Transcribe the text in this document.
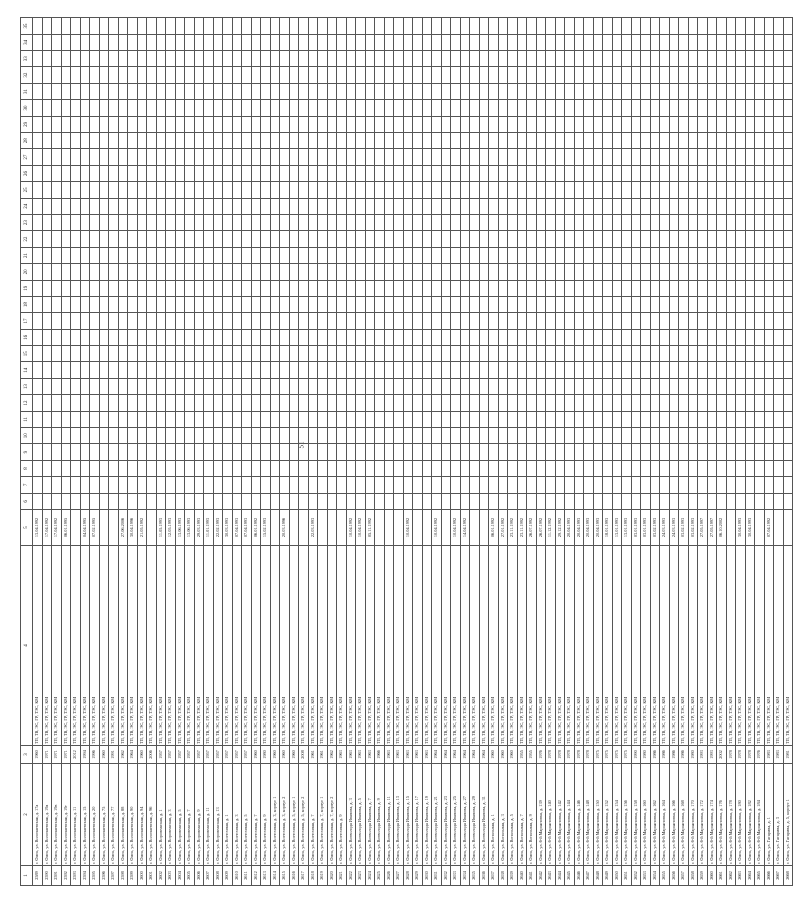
51
1	2	3	4	5	6	7	8	9	10	11	12	13	14	15	16	17	18	19	20	21	22	23	24	25	26	27	28	29	30	31	32	33	34	35
2589	г. Омск, ул. Волочаевская, д. 17а	1960	ТП, ТВ, ЭС, ГР, ТЭС, КМ	13.04.1992																														
2590	г. Омск, ул. Волочаевская, д. 19а	1971	ТП, ТВ, ЭС, ГР, ТЭС, КМ	17.04.1992																														
2591	г. Омск, ул. Волочаевская, д. 19в	1971	ТП, ТВ, ЭС, ГР, ТЭС, КМ	17.04.1992																														
2592	г. Омск, ул. Волочаевская, д. 19г	1971	ТП, ТВ, ЭС, ГР, ТЭС, КМ	06.01.1995																														
2593	г. Омск, ул. Волочаевская, д. 11	2012	ТП, ТВ, ЭС, ГР, ТЭС, КМ																															
2594	г. Омск, ул. Волочаевская, д. 15	1994	ТП, ТВ, ЭС, ГР, ТЭС, КМ	04.04.1995																														
2595	г. Омск, ул. Волочаевская, д. 20	1996	ТП, ТВ, ЭС, ГР, ТЭС, КМ	07.02.1995																														
2596	г. Омск, ул. Волочаевская, д. 75	1960	ТП, ТВ, ЭС, ГР, ТЭС, КМ																															
2597	г. Омск, ул. Волочаевская, д. 77	1991	ТП, ТВ, ЭС, ГР, ТЭС, КМ																															
2598	г. Омск, ул. Волочаевская, д. 88	1962	ТП, ТВ, ЭС, ГР, ТЭС, КМ	27.06.2006																														
2599	г. Омск, ул. Волочаевская, д. 90	1964	ТП, ТВ, ЭС, ГР, ТЭС, КМ	30.04.1996																														
2600	г. Омск, ул. Волочаевская, д. 94	1960	ТП, ТВ, ЭС, ГР, ТЭС, КМ	21.05.1992																														
2601	г. Омск, ул. Волочаевская, д. 96	2006	ТП, ТВ, ЭС, ГР, ТЭС, КМ																															
2602	г. Омск, ул. Воронежская, д. 1	1957	ТП, ТВ, ЭС, ГР, ТЭС, КМ	11.05.1993																														
2603	г. Омск, ул. Воронежская, д. 3	1957	ТП, ТВ, ЭС, ГР, ТЭС, КМ	12.05.1993																														
2604	г. Омск, ул. Воронежская, д. 5	1957	ТП, ТВ, ЭС, ГР, ТЭС, КМ	13.06.1993																														
2605	г. Омск, ул. Воронежская, д. 7	1957	ТП, ТВ, ЭС, ГР, ТЭС, КМ	13.06.1993																														
2606	г. Омск, ул. Воронежская, д. 9	1957	ТП, ТВ, ЭС, ГР, ТЭС, КМ	29.03.1993																														
2607	г. Омск, ул. Воронежская, д. 11	1957	ТП, ТВ, ЭС, ГР, ТЭС, КМ	11.01.1993																														
2608	г. Омск, ул. Воронежская, д. 13	1957	ТП, ТВ, ЭС, ГР, ТЭС, КМ	22.02.1993																														
2609	г. Омск, ул. Восточная, д. 1	1957	ТП, ТВ, ЭС, ГР, ТЭС, КМ	30.03.1993																														
2610	г. Омск, ул. Восточная, д. 3	1957	ТП, ТВ, ЭС, ГР, ТЭС, КМ	07.04.1993																														
2611	г. Омск, ул. Восточная, д. 5	1957	ТП, ТВ, ЭС, ГР, ТЭС, КМ	07.04.1993																														
2612	г. Омск, ул. Восточная, д. 7	1960	ТП, ТВ, ЭС, ГР, ТЭС, КМ	06.01.1992																														
2613	г. Омск, ул. Восточная, д. 9	1980	ТП, ТВ, ЭС, ГР, ТЭС, КМ	15.02.1993																														
2614	г. Омск, ул. Восточная, д. 3, корпус 1	1960	ТП, ТВ, ЭС, ГР, ТЭС, КМ																															
2615	г. Омск, ул. Восточная, д. 3, корпус 2	1960	ТП, ТВ, ЭС, ГР, ТЭС, КМ	20.03.1996																														
2616	г. Омск, ул. Восточная, д. 5, корпус 1	1960	ТП, ТВ, ЭС, ГР, ТЭС, КМ																															
2617	г. Омск, ул. Восточная, д. 5, корпус 2	2008	ТП, ТВ, ЭС, ГР, ТЭС, КМ																															
2618	г. Омск, ул. Восточная, д. 7	1961	ТП, ТВ, ЭС, ГР, ТЭС, КМ	22.03.1993																														
2619	г. Омск, ул. Восточная, д. 7, корпус 1	1961	ТП, ТВ, ЭС, ГР, ТЭС, КМ																															
2620	г. Омск, ул. Восточная, д. 7, корпус 2	1962	ТП, ТВ, ЭС, ГР, ТЭС, КМ																															
2621	г. Омск, ул. Восточная, д. 9	1963	ТП, ТВ, ЭС, ГР, ТЭС, КМ																															
2622	г. Омск, ул. Всеволода Иванова, д. 3	1963	ТП, ТВ, ЭС, ГР, ТЭС, КМ	10.04.1992																														
2623	г. Омск, ул. Всеволода Иванова, д. 5	1963	ТП, ТВ, ЭС, ГР, ТЭС, КМ	10.04.1992																														
2624	г. Омск, ул. Всеволода Иванова, д. 7	1963	ТП, ТВ, ЭС, ГР, ТЭС, КМ	05.11.1992																														
2625	г. Омск, ул. Всеволода Иванова, д. 9	1966	ТП, ТВ, ЭС, ГР, ТЭС, КМ																															
2626	г. Омск, ул. Всеволода Иванова, д. 11	1963	ТП, ТВ, ЭС, ГР, ТЭС, КМ																															
2627	г. Омск, ул. Всеволода Иванова, д. 13	1963	ТП, ТВ, ЭС, ГР, ТЭС, КМ																															
2628	г. Омск, ул. Всеволода Иванова, д. 15	1963	ТП, ТВ, ЭС, ГР, ТЭС, КМ	10.04.1992																														
2629	г. Омск, ул. Всеволода Иванова, д. 17	1963	ТП, ТВ, ЭС, ГР, ТЭС, КМ																															
2630	г. Омск, ул. Всеволода Иванова, д. 19	1963	ТП, ТВ, ЭС, ГР, ТЭС, КМ																															
2631	г. Омск, ул. Всеволода Иванова, д. 21	1964	ТП, ТВ, ЭС, ГР, ТЭС, КМ	10.04.1992																														
2632	г. Омск, ул. Всеволода Иванова, д. 23	1964	ТП, ТВ, ЭС, ГР, ТЭС, КМ																															
2633	г. Омск, ул. Всеволода Иванова, д. 25	1964	ТП, ТВ, ЭС, ГР, ТЭС, КМ	10.04.1992																														
2634	г. Омск, ул. Всеволода Иванова, д. 27	1964	ТП, ТВ, ЭС, ГР, ТЭС, КМ	14.04.1992																														
2635	г. Омск, ул. Всеволода Иванова, д. 29	1964	ТП, ТВ, ЭС, ГР, ТЭС, КМ																															
2636	г. Омск, ул. Всеволода Иванова, д. 31	1964	ТП, ТВ, ЭС, ГР, ТЭС, КМ																															
2637	г. Омск, ул. Вспольная, д. 1	1960	ТП, ТВ, ЭС, ГР, ТЭС, КМ	06.01.1992																														
2638	г. Омск, ул. Вспольная, д. 3	1960	ТП, ТВ, ЭС, ГР, ТЭС, КМ	27.01.1992																														
2639	г. Омск, ул. Вспольная, д. 5	1960	ТП, ТВ, ЭС, ГР, ТЭС, КМ	23.11.1992																														
2640	г. Омск, ул. Вспольная, д. 7	1955	ТП, ТВ, ЭС, ГР, ТЭС, КМ	23.11.1992																														
2641	г. Омск, ул. Вспольная, д. 9	1955	ТП, ТВ, ЭС, ГР, ТЭС, КМ	26.07.1992																														
2642	г. Омск, ул. 6-й Марьяновка, д. 139	1976	ТП, ТВ, ЭС, ГР, ТЭС, КМ	26.07.1992																														
2643	г. Омск, ул. 6-й Марьяновка, д. 140	1978	ТП, ТВ, ЭС, ГР, ТЭС, КМ	11.12.1992																														
2644	г. Омск, ул. 6-й Марьяновка, д. 142	1978	ТП, ТВ, ЭС, ГР, ТЭС, КМ	29.12.1992																														
2645	г. Омск, ул. 6-й Марьяновка, д. 144	1978	ТП, ТВ, ЭС, ГР, ТЭС, КМ	20.04.1993																														
2646	г. Омск, ул. 6-й Марьяновка, д. 146	1978	ТП, ТВ, ЭС, ГР, ТЭС, КМ	20.04.1993																														
2647	г. Омск, ул. 6-й Марьяновка, д. 148	1978	ТП, ТВ, ЭС, ГР, ТЭС, КМ	20.04.1993																														
2648	г. Омск, ул. 6-й Марьяновка, д. 150	1975	ТП, ТВ, ЭС, ГР, ТЭС, КМ	20.04.1993																														
2649	г. Омск, ул. 6-й Марьяновка, д. 152	1975	ТП, ТВ, ЭС, ГР, ТЭС, КМ	18.01.1993																														
2650	г. Омск, ул. 6-й Марьяновка, д. 154	1975	ТП, ТВ, ЭС, ГР, ТЭС, КМ	13.01.1993																														
2651	г. Омск, ул. 6-й Марьяновка, д. 156	1975	ТП, ТВ, ЭС, ГР, ТЭС, КМ	13.01.1993																														
2652	г. Омск, ул. 6-й Марьяновка, д. 158	1990	ТП, ТВ, ЭС, ГР, ТЭС, КМ	03.01.1993																														
2653	г. Омск, ул. 6-й Марьяновка, д. 160	1980	ТП, ТВ, ЭС, ГР, ТЭС, КМ	03.01.1993																														
2654	г. Омск, ул. 6-й Марьяновка, д. 162	1986	ТП, ТВ, ЭС, ГР, ТЭС, КМ	03.02.1993																														
2655	г. Омск, ул. 6-й Марьяновка, д. 164	1986	ТП, ТВ, ЭС, ГР, ТЭС, КМ	24.03.1993																														
2656	г. Омск, ул. 6-й Марьяновка, д. 166	1986	ТП, ТВ, ЭС, ГР, ТЭС, КМ	24.03.1993																														
2657	г. Омск, ул. 6-й Марьяновка, д. 168	1986	ТП, ТВ, ЭС, ГР, ТЭС, КМ	03.02.1993																														
2658	г. Омск, ул. 6-й Марьяновка, д. 170	1980	ТП, ТВ, ЭС, ГР, ТЭС, КМ	03.02.1993																														
2659	г. Омск, ул. 6-й Марьяновка, д. 172	1993	ТП, ТВ, ЭС, ГР, ТЭС, КМ	27.05.1997																														
2660	г. Омск, ул. 6-й Марьяновка, д. 174	1993	ТП, ТВ, ЭС, ГР, ТЭС, КМ	27.05.1997																														
2661	г. Омск, ул. 6-й Марьяновка, д. 176	2002	ТП, ТВ, ЭС, ГР, ТЭС, КМ	06.10.2002																														
2662	г. Омск, ул. 6-й Марьяновка, д. 178	1978	ТП, ТВ, ЭС, ГР, ТЭС, КМ																															
2663	г. Омск, ул. 6-й Марьяновка, д. 180	1978	ТП, ТВ, ЭС, ГР, ТЭС, КМ	30.04.1993																														
2664	г. Омск, ул. 6-й Марьяновка, д. 182	1978	ТП, ТВ, ЭС, ГР, ТЭС, КМ	30.04.1993																														
2665	г. Омск, ул. 6-й Марьяновка, д. 184	1976	ТП, ТВ, ЭС, ГР, ТЭС, КМ																															
2666	г. Омск, ул. Гагарина, д. 1	1983	ТП, ТВ, ЭС, ГР, ТЭС, КМ	07.04.1992																														
2667	г. Омск, ул. Гагарина, д. 3	1983	ТП, ТВ, ЭС, ГР, ТЭС, КМ																															
2668	г. Омск, ул. Гагарина, д. 5, корпус 1	1981	ТП, ТВ, ЭС, ГР, ТЭС, КМ																															
